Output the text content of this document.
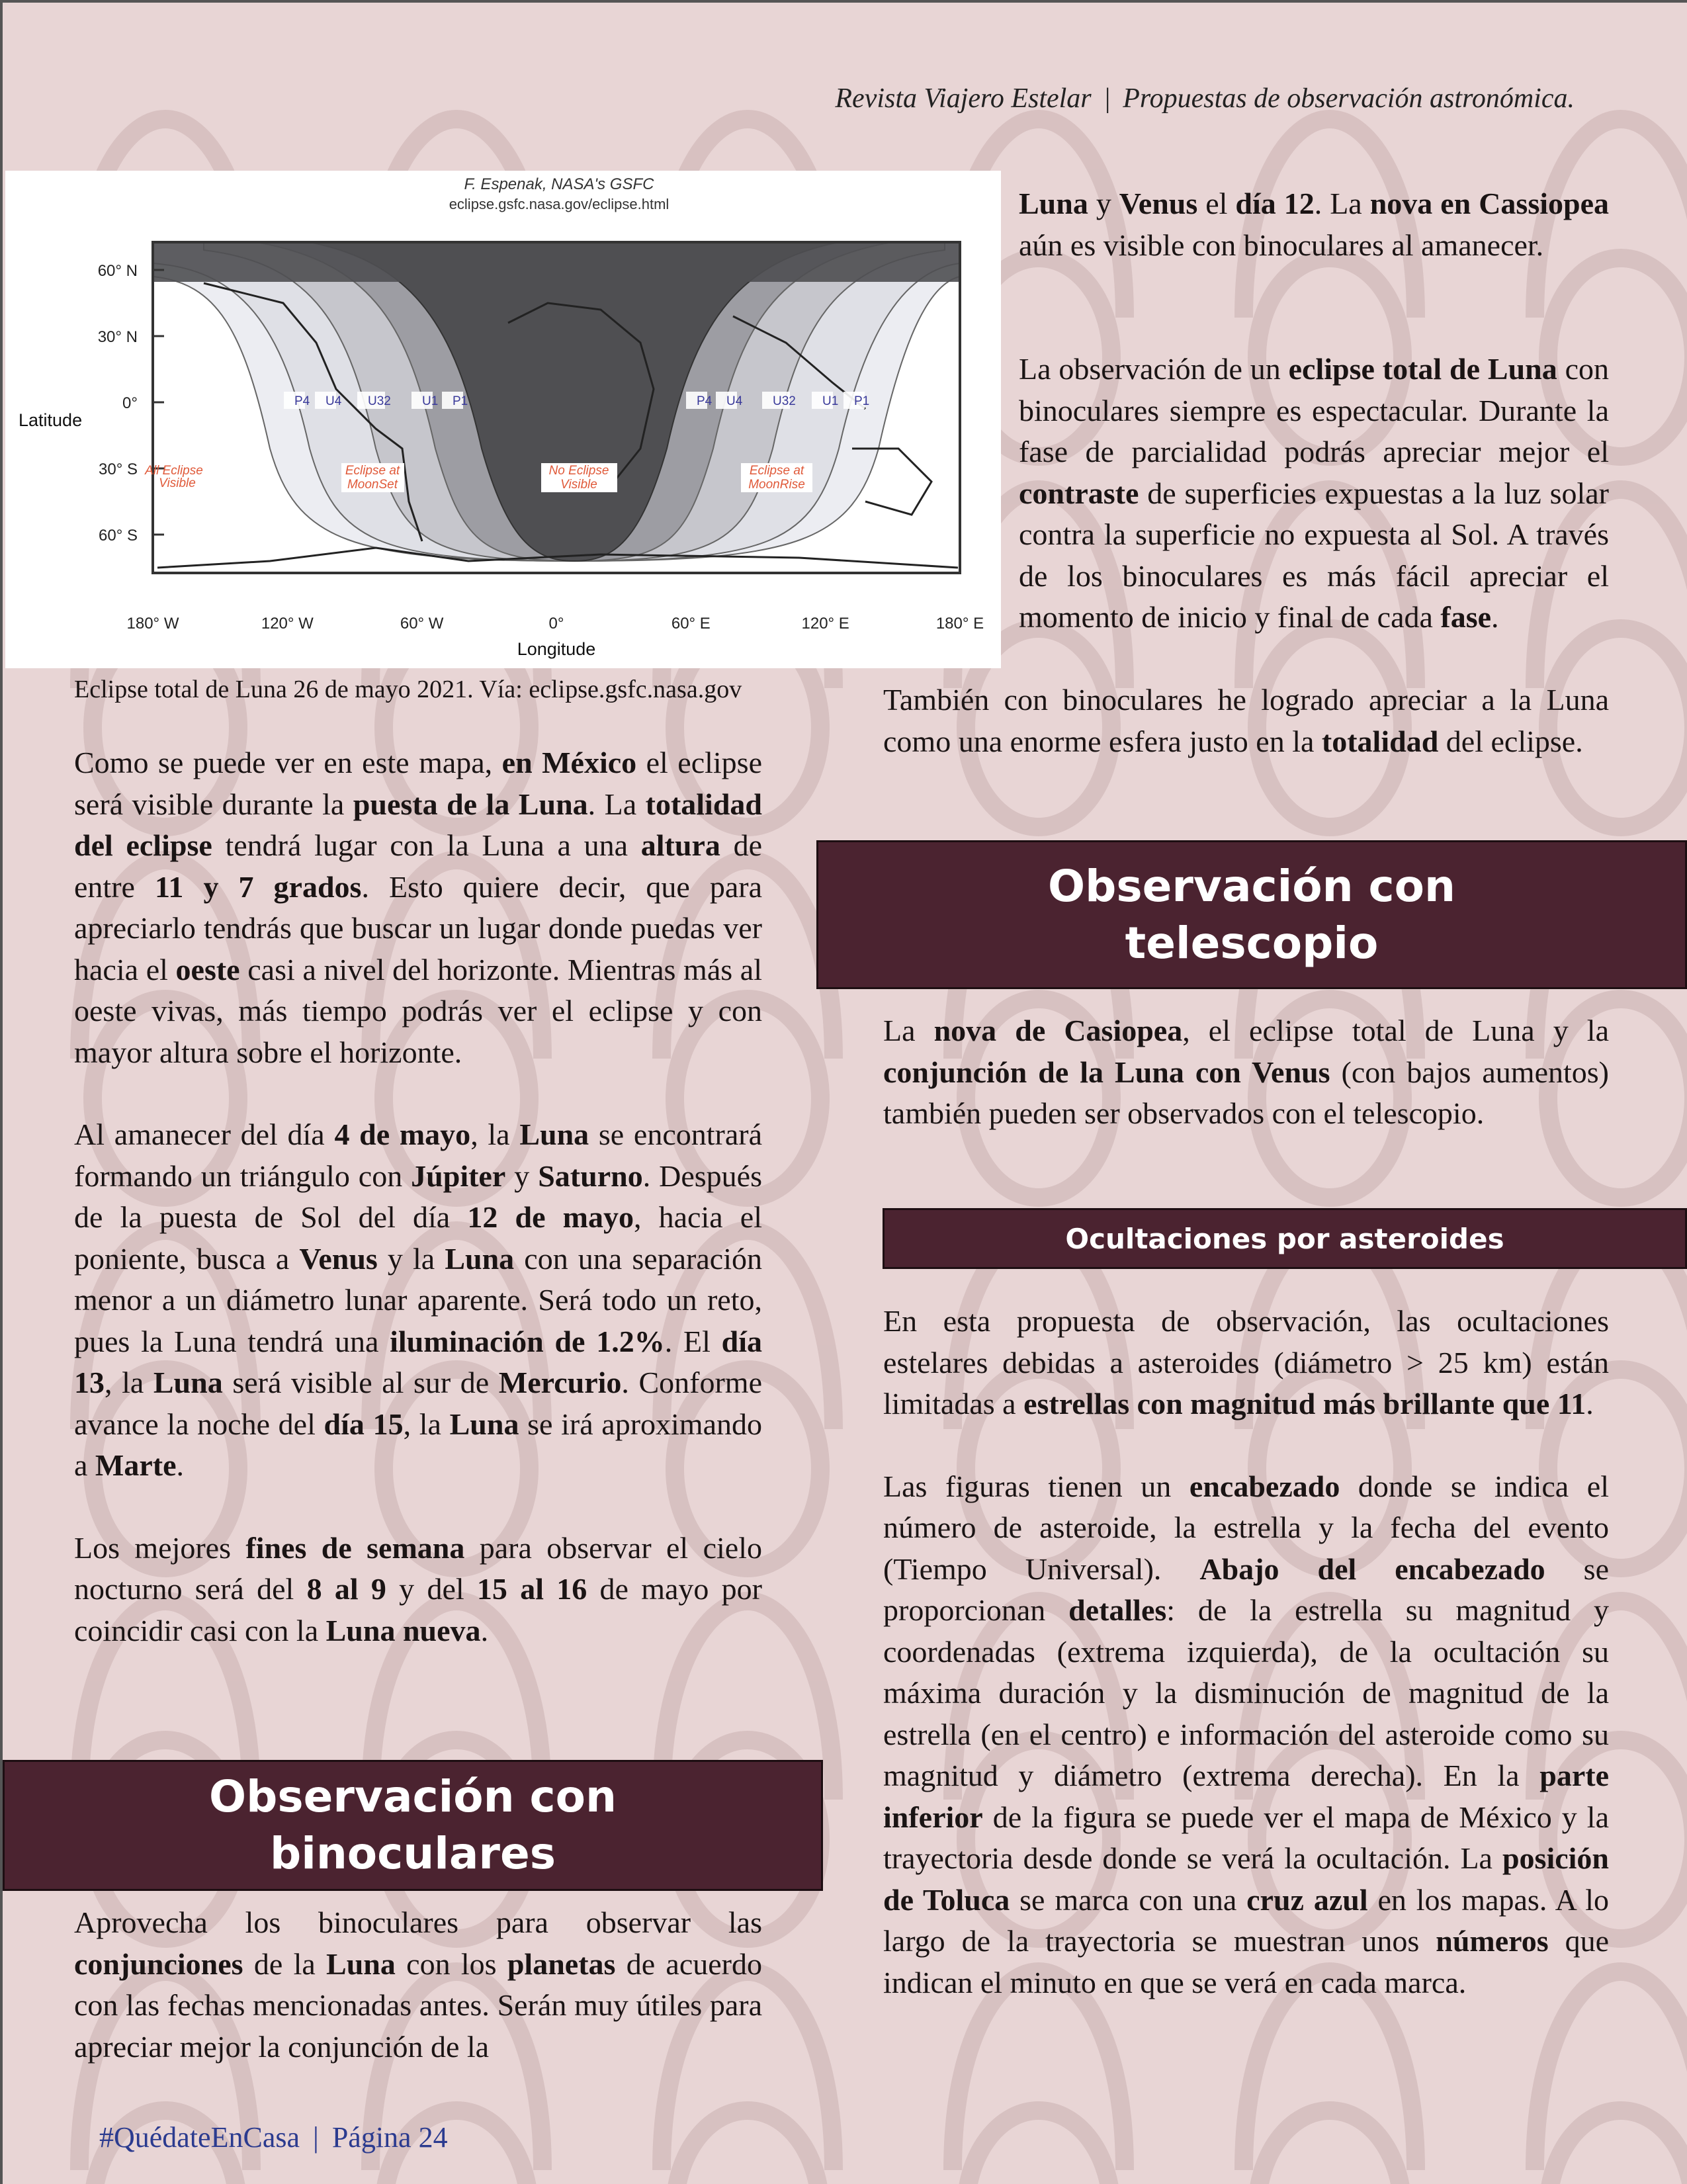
Revista Viajero Estelar | Propuestas de observación astronómica.
F. Espenak, NASA's GSFC
eclipse.gsfc.nasa.gov/eclipse.html
Latitude
60° N
30° N
0°
30° S
60° S
180° W	120° W	60° W	0°	60° E	120° E	180° E
Longitude
P4 U4 U32 U1 P1	P4 U4 U32 U1 P1
All Eclipse
Visible
Eclipse at
MoonSet
No Eclipse
Visible
Eclipse at
MoonRise
Eclipse total de Luna 26 de mayo 2021. Vía: eclipse.gsfc.nasa.gov

Como se puede ver en este mapa, en México el eclipse será visible durante la puesta de la Luna. La totalidad del eclipse tendrá lugar con la Luna a una altura de entre 11 y 7 grados. Esto quiere decir, que para apreciarlo tendrás que buscar un lugar donde puedas ver hacia el oeste casi a nivel del horizonte. Mientras más al oeste vivas, más tiempo podrás ver el eclipse y con mayor altura sobre el horizonte.

Al amanecer del día 4 de mayo, la Luna se encontrará formando un triángulo con Júpiter y Saturno. Después de la puesta de Sol del día 12 de mayo, hacia el poniente, busca a Venus y la Luna con una separación menor a un diámetro lunar aparente. Será todo un reto, pues la Luna tendrá una iluminación de 1.2%. El día 13, la Luna será visible al sur de Mercurio. Conforme avance la noche del día 15, la Luna se irá aproximando a Marte.

Los mejores fines de semana para observar el cielo nocturno será del 8 al 9 y del 15 al 16 de mayo por coincidir casi con la Luna nueva.

Observación con
binoculares

Aprovecha los binoculares para observar las conjunciones de la Luna con los planetas de acuerdo con las fechas mencionadas antes. Serán muy útiles para apreciar mejor la conjunción de la

Luna y Venus el día 12. La nova en Cassiopea aún es visible con binoculares al amanecer.

La observación de un eclipse total de Luna con binoculares siempre es espectacular. Durante la fase de parcialidad podrás apreciar mejor el contraste de superficies expuestas a la luz solar contra la superficie no expuesta al Sol. A través de los binoculares es más fácil apreciar el momento de inicio y final de cada fase.

También con binoculares he logrado apreciar a la Luna como una enorme esfera justo en la totalidad del eclipse.

Observación con
telescopio

La nova de Casiopea, el eclipse total de Luna y la conjunción de la Luna con Venus (con bajos aumentos) también pueden ser observados con el telescopio.

Ocultaciones por asteroides

En esta propuesta de observación, las ocultaciones estelares debidas a asteroides (diámetro > 25 km) están limitadas a estrellas con magnitud más brillante que 11.

Las figuras tienen un encabezado donde se indica el número de asteroide, la estrella y la fecha del evento (Tiempo Universal). Abajo del encabezado se proporcionan detalles: de la estrella su magnitud y coordenadas (extrema izquierda), de la ocultación su máxima duración y la disminución de magnitud de la estrella (en el centro) e información del asteroide como su magnitud y diámetro (extrema derecha). En la parte inferior de la figura se puede ver el mapa de México y la trayectoria desde donde se verá la ocultación. La posición de Toluca se marca con una cruz azul en los mapas. A lo largo de la trayectoria se muestran unos números que indican el minuto en que se verá en cada marca.

#QuédateEnCasa | Página 24
